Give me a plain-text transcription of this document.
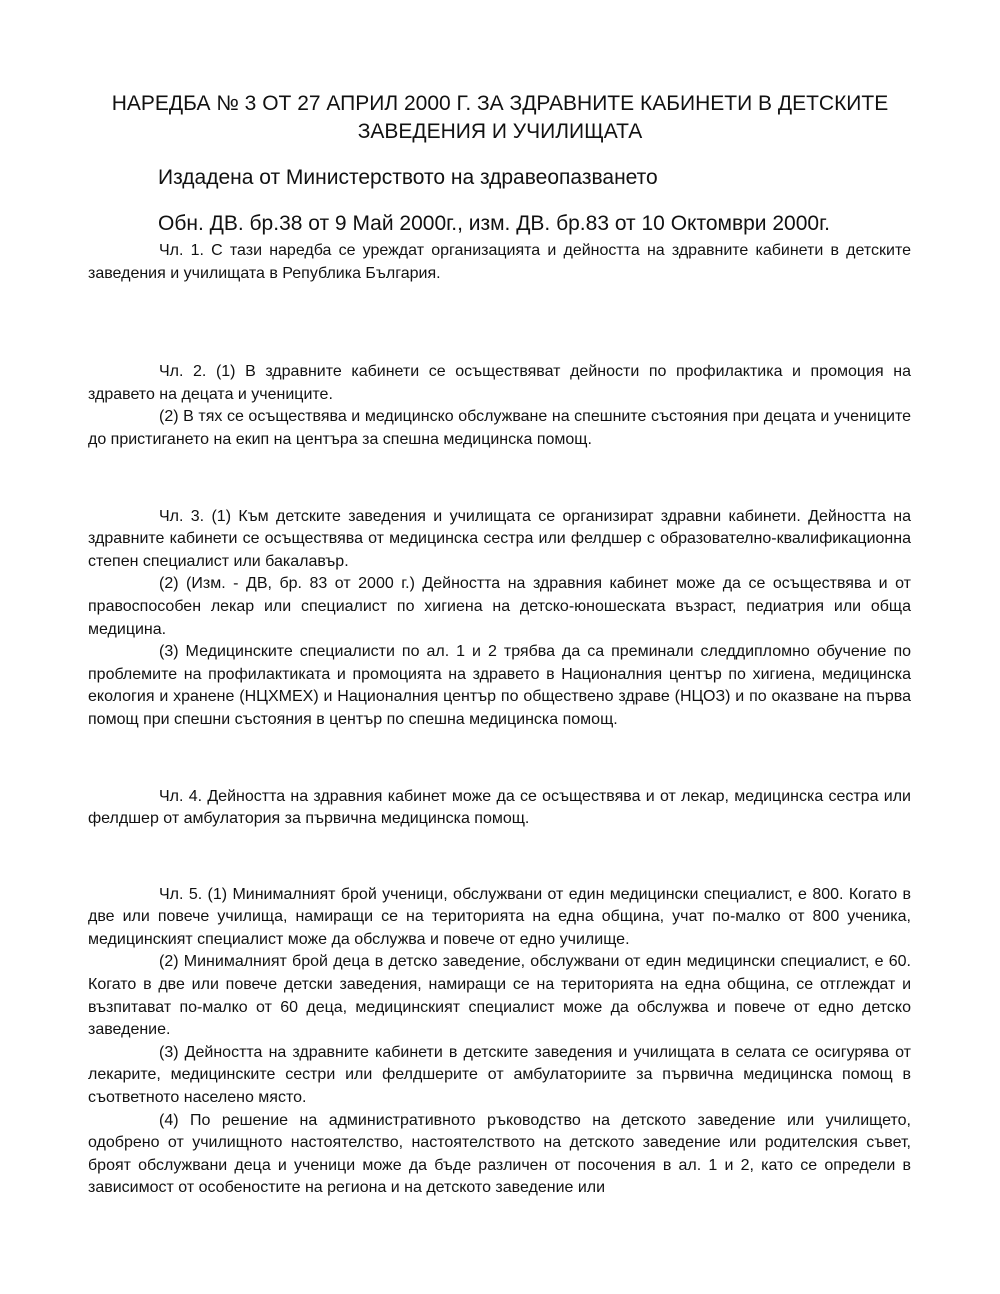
НАРЕДБА № 3 ОТ 27 АПРИЛ 2000 Г. ЗА ЗДРАВНИТЕ КАБИНЕТИ В ДЕТСКИТЕ ЗАВЕДЕНИЯ И УЧИЛИЩАТА

Издадена от Министерството на здравеопазването

Обн. ДВ. бр.38 от 9 Май 2000г., изм. ДВ. бр.83 от 10 Октомври 2000г.

Чл. 1. С тази наредба се уреждат организацията и дейността на здравните кабинети в детските заведения и училищата в Република България.

Чл. 2. (1) В здравните кабинети се осъществяват дейности по профилактика и промоция на здравето на децата и учениците.

(2) В тях се осъществява и медицинско обслужване на спешните състояния при децата и учениците до пристигането на екип на центъра за спешна медицинска помощ.

Чл. 3. (1) Към детските заведения и училищата се организират здравни кабинети. Дейността на здравните кабинети се осъществява от медицинска сестра или фелдшер с образователно-квалификационна степен специалист или бакалавър.

(2) (Изм. - ДВ, бр. 83 от 2000 г.) Дейността на здравния кабинет може да се осъществява и от правоспособен лекар или специалист по хигиена на детско-юношеската възраст, педиатрия или обща медицина.

(3) Медицинските специалисти по ал. 1 и 2 трябва да са преминали следдипломно обучение по проблемите на профилактиката и промоцията на здравето в Националния център по хигиена, медицинска екология и хранене (НЦХМЕХ) и Националния център по обществено здраве (НЦОЗ) и по оказване на първа помощ при спешни състояния в център по спешна медицинска помощ.

Чл. 4. Дейността на здравния кабинет може да се осъществява и от лекар, медицинска сестра или фелдшер от амбулатория за първична медицинска помощ.

Чл. 5. (1) Минималният брой ученици, обслужвани от един медицински специалист, е 800. Когато в две или повече училища, намиращи се на територията на една община, учат по-малко от 800 ученика, медицинският специалист може да обслужва и повече от едно училище.

(2) Минималният брой деца в детско заведение, обслужвани от един медицински специалист, е 60. Когато в две или повече детски заведения, намиращи се на територията на една община, се отглеждат и възпитават по-малко от 60 деца, медицинският специалист може да обслужва и повече от едно детско заведение.

(3) Дейността на здравните кабинети в детските заведения и училищата в селата се осигурява от лекарите, медицинските сестри или фелдшерите от амбулаториите за първична медицинска помощ в съответното населено място.

(4) По решение на административното ръководство на детското заведение или училището, одобрено от училищното настоятелство, настоятелството на детското заведение или родителския съвет, броят обслужвани деца и ученици може да бъде различен от посочения в ал. 1 и 2, като се определи в зависимост от особеностите на региона и на детското заведение или
